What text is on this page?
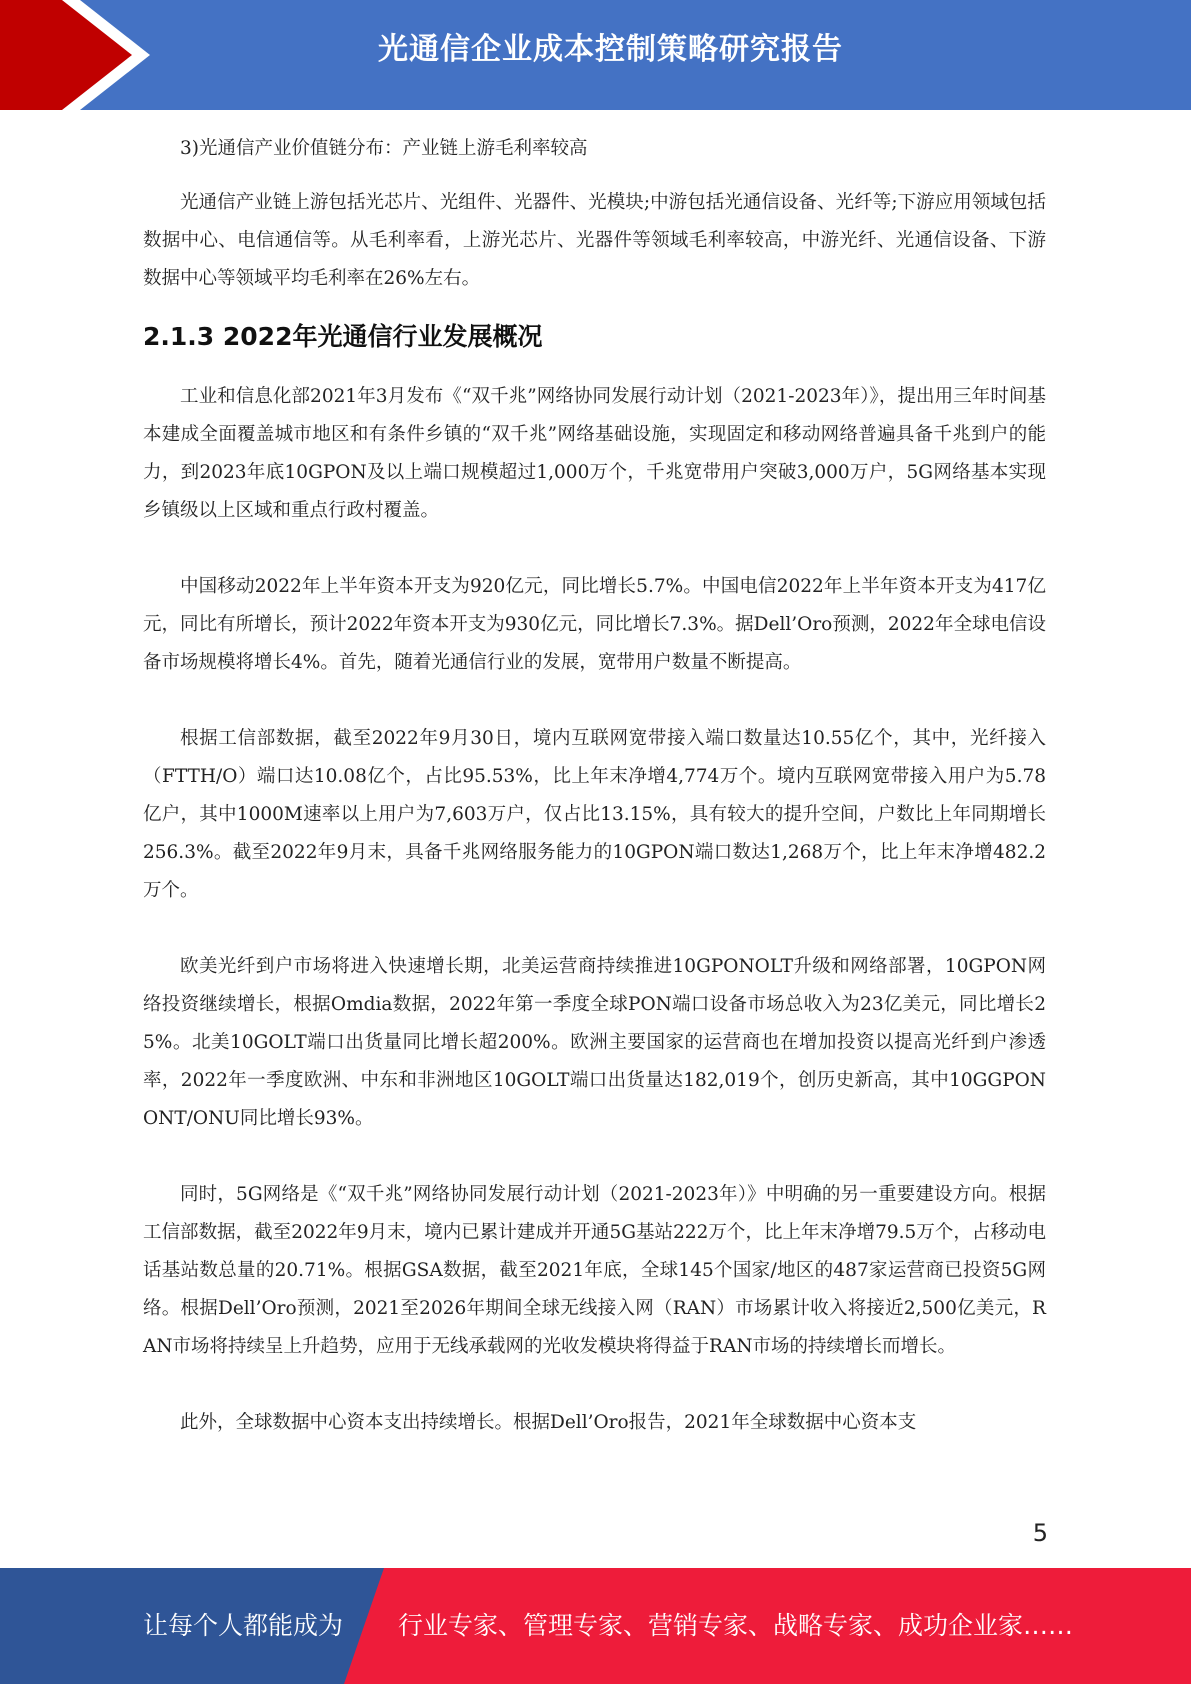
光通信企业成本控制策略研究报告

3)光通信产业价值链分布：产业链上游毛利率较高

光通信产业链上游包括光芯片、光组件、光器件、光模块;中游包括光通信设备、光纤等;下游应用领域包括数据中心、电信通信等。从毛利率看，上游光芯片、光器件等领域毛利率较高，中游光纤、光通信设备、下游数据中心等领域平均毛利率在26%左右。

2.1.3 2022年光通信行业发展概况

工业和信息化部2021年3月发布《“双千兆”网络协同发展行动计划（2021-2023年）》，提出用三年时间基本建成全面覆盖城市地区和有条件乡镇的“双千兆”网络基础设施，实现固定和移动网络普遍具备千兆到户的能力，到2023年底10GPON及以上端口规模超过1,000万个，千兆宽带用户突破3,000万户，5G网络基本实现乡镇级以上区域和重点行政村覆盖。

中国移动2022年上半年资本开支为920亿元，同比增长5.7%。中国电信2022年上半年资本开支为417亿元，同比有所增长，预计2022年资本开支为930亿元，同比增长7.3%。据Dell’Oro预测，2022年全球电信设备市场规模将增长4%。首先，随着光通信行业的发展，宽带用户数量不断提高。

根据工信部数据，截至2022年9月30日，境内互联网宽带接入端口数量达10.55亿个，其中，光纤接入（FTTH/O）端口达10.08亿个，占比95.53%，比上年末净增4,774万个。境内互联网宽带接入用户为5.78亿户，其中1000M速率以上用户为7,603万户，仅占比13.15%，具有较大的提升空间，户数比上年同期增长256.3%。截至2022年9月末，具备千兆网络服务能力的10GPON端口数达1,268万个，比上年末净增482.2万个。

欧美光纤到户市场将进入快速增长期，北美运营商持续推进10GPONOLT升级和网络部署，10GPON网络投资继续增长，根据Omdia数据，2022年第一季度全球PON端口设备市场总收入为23亿美元，同比增长25%。北美10GOLT端口出货量同比增长超200%。欧洲主要国家的运营商也在增加投资以提高光纤到户渗透率，2022年一季度欧洲、中东和非洲地区10GOLT端口出货量达182,019个，创历史新高，其中10GGPONONT/ONU同比增长93%。

同时，5G网络是《“双千兆”网络协同发展行动计划（2021-2023年）》中明确的另一重要建设方向。根据工信部数据，截至2022年9月末，境内已累计建成并开通5G基站222万个，比上年末净增79.5万个，占移动电话基站数总量的20.71%。根据GSA数据，截至2021年底，全球145个国家/地区的487家运营商已投资5G网络。根据Dell’Oro预测，2021至2026年期间全球无线接入网（RAN）市场累计收入将接近2,500亿美元，RAN市场将持续呈上升趋势，应用于无线承载网的光收发模块将得益于RAN市场的持续增长而增长。

此外，全球数据中心资本支出持续增长。根据Dell’Oro报告，2021年全球数据中心资本支

5
让每个人都能成为 行业专家、管理专家、营销专家、战略专家、成功企业家……
